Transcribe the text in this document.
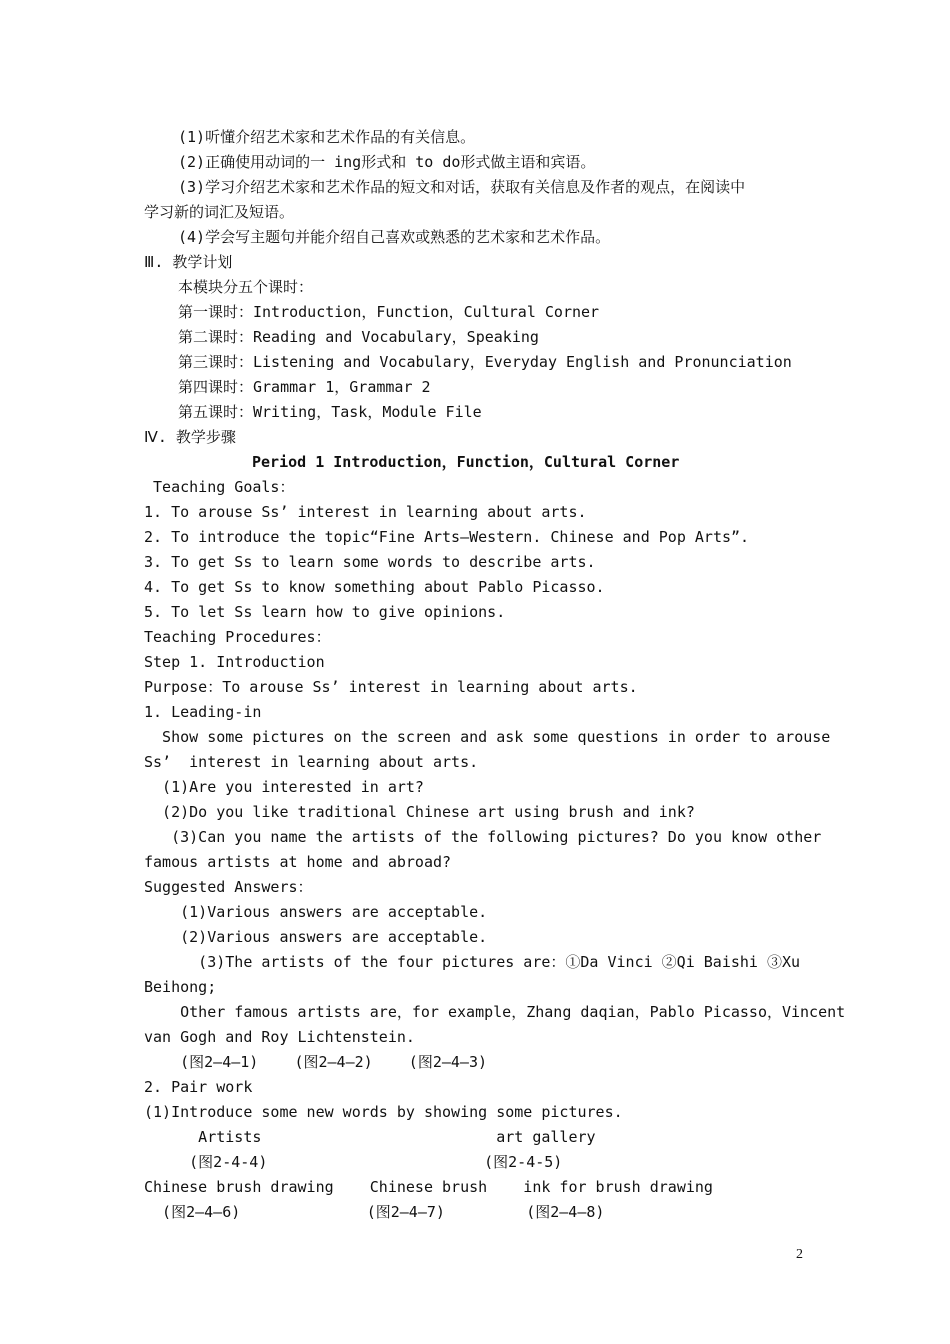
(1)听懂介绍艺术家和艺术作品的有关信息。
(2)正确使用动词的一 ing形式和 to do形式做主语和宾语。
(3)学习介绍艺术家和艺术作品的短文和对话，获取有关信息及作者的观点，在阅读中
学习新的词汇及短语。
(4)学会写主题句并能介绍自己喜欢或熟悉的艺术家和艺术作品。
Ⅲ. 教学计划
本模块分五个课时：
第一课时：Introduction，Function，Cultural Corner
第二课时：Reading and Vocabulary，Speaking
第三课时：Listening and Vocabulary，Everyday English and Pronunciation
第四课时：Grammar 1，Grammar 2
第五课时：Writing，Task，Module File
Ⅳ. 教学步骤
Period 1 Introduction，Function，Cultural Corner
Teaching Goals：
1. To arouse Ss’ interest in learning about arts.
2. To introduce the topic“Fine Arts—Western. Chinese and Pop Arts”.
3. To get Ss to learn some words to describe arts.
4. To get Ss to know something about Pablo Picasso.
5. To let Ss learn how to give opinions.
Teaching Procedures：
Step 1. Introduction
Purpose：To arouse Ss’ interest in learning about arts.
1. Leading-in
Show some pictures on the screen and ask some questions in order to arouse
Ss’  interest in learning about arts.
(1)Are you interested in art?
(2)Do you like traditional Chinese art using brush and ink?
(3)Can you name the artists of the following pictures? Do you know other
famous artists at home and abroad?
Suggested Answers：
(1)Various answers are acceptable.
(2)Various answers are acceptable.
(3)The artists of the four pictures are：①Da Vinci ②Qi Baishi ③Xu
Beihong;
Other famous artists are，for example，Zhang daqian，Pablo Picasso，Vincent
van Gogh and Roy Lichtenstein.
(图2—4—1)    (图2—4—2)    (图2—4—3)
2. Pair work
(1)Introduce some new words by showing some pictures.
Artists                          art gallery
(图2-4-4)                        (图2-4-5)
Chinese brush drawing    Chinese brush    ink for brush drawing
(图2—4—6)              (图2—4—7)         (图2—4—8)
2
